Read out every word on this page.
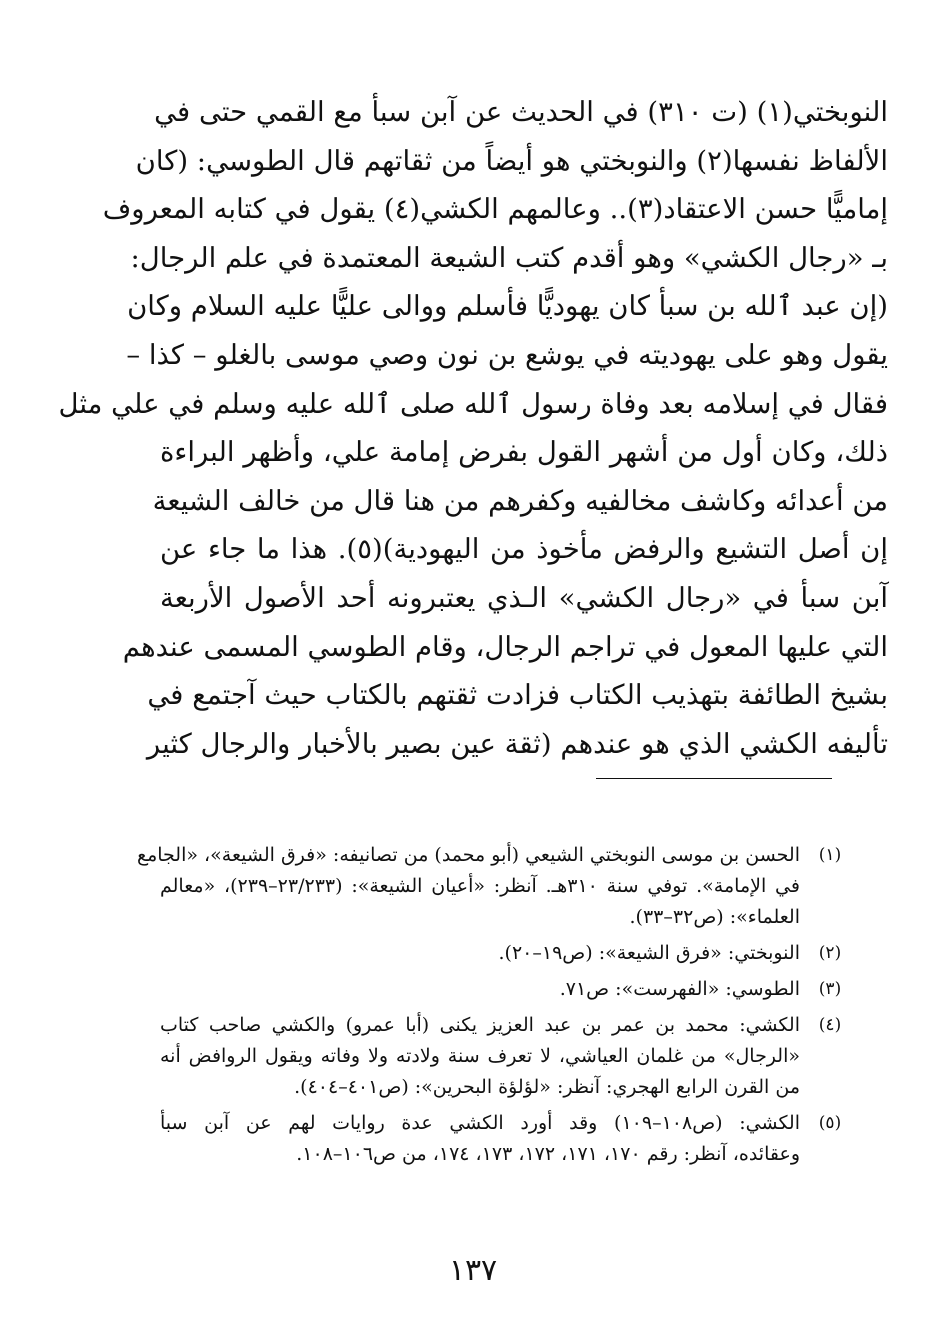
النوبختي(١) (ت ٣١٠) في الحديث عن آبن سبأ مع القمي حتى في
الألفاظ نفسها(٢) والنوبختي هو أيضاً من ثقاتهم قال الطوسي: (كان
إماميًّا حسن الاعتقاد(٣).. وعالمهم الكشي(٤) يقول في كتابه المعروف
بـ «رجال الكشي» وهو أقدم كتب الشيعة المعتمدة في علم الرجال:
(إن عبد ٱلله بن سبأ كان يهوديًّا فأسلم ووالى عليًّا عليه السلام وكان
يقول وهو على يهوديته في يوشع بن نون وصي موسى بالغلو – كذا –
فقال في إسلامه بعد وفاة رسول ٱلله صلى ٱلله عليه وسلم في علي مثل
ذلك، وكان أول من أشهر القول بفرض إمامة علي، وأظهر البراءة
من أعدائه وكاشف مخالفيه وكفرهم من هنا قال من خالف الشيعة
إن أصل التشيع والرفض مأخوذ من اليهودية)(٥). هذا ما جاء عن
آبن سبأ في «رجال الكشي» الـذي يعتبرونه أحد الأصول الأربعة
التي عليها المعول في تراجم الرجال، وقام الطوسي المسمى عندهم
بشيخ الطائفة بتهذيب الكتاب فزادت ثقتهم بالكتاب حيث آجتمع في
تأليفه الكشي الذي هو عندهم (ثقة عين بصير بالأخبار والرجال كثير
(١)
الحسن بن موسى النوبختي الشيعي (أبو محمد) من تصانيفه: «فرق الشيعة»، «الجامع
في الإمامة». توفي سنة ٣١٠هـ. آنظر: «أعيان الشيعة»: (٢٣/٢٣٣–٢٣٩)، «معالم
العلماء»: (ص٣٢–٣٣).
(٢)
النوبختي: «فرق الشيعة»: (ص١٩–٢٠).
(٣)
الطوسي: «الفهرست»: ص٧١.
(٤)
الكشي: محمد بن عمر بن عبد العزيز يكنى (أبا عمرو) والكشي صاحب كتاب
«الرجال» من غلمان العياشي، لا تعرف سنة ولادته ولا وفاته ويقول الروافض أنه
من القرن الرابع الهجري: آنظر: «لؤلؤة البحرين»: (ص٤٠١–٤٠٤).
(٥)
الكشي: (ص١٠٨–١٠٩) وقد أورد الكشي عدة روايات لهم عن آبن سبأ
وعقائده، آنظر: رقم ١٧٠، ١٧١، ١٧٢، ١٧٣، ١٧٤، من ص١٠٦–١٠٨.
١٣٧
